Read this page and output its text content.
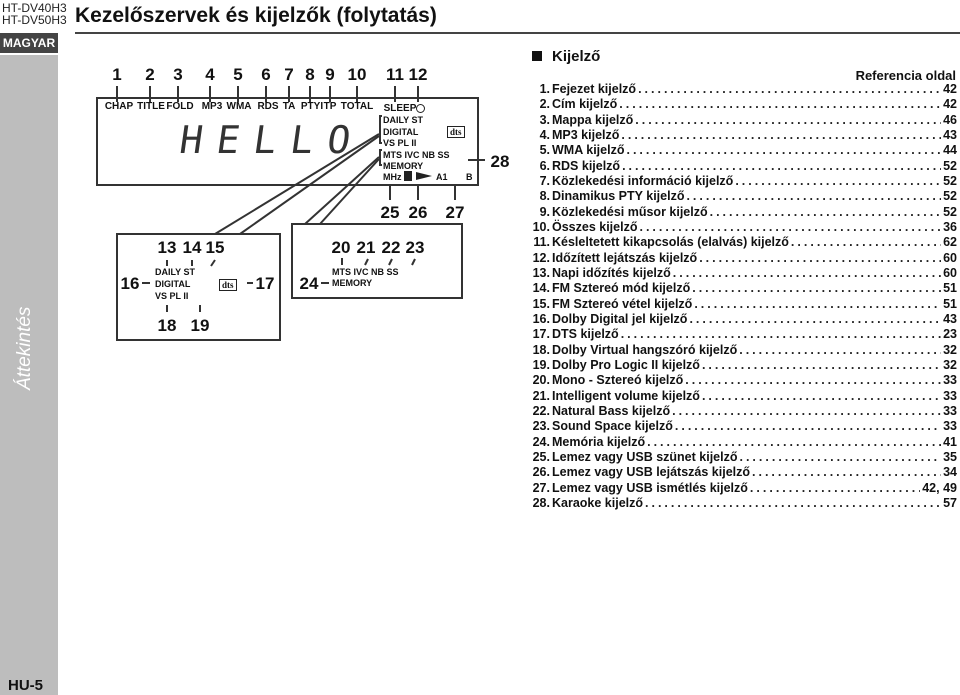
HT-DV40H3
HT-DV50H3 Kezelőszervek és kijelzők (folytatás)
MAGYAR
Áttekintés
HU-5
1 2 3 4 5 6 7 8 9 10 11 12
CHAP TITLE FOLD MP3 WMA RDS TA PTYI TP TOTAL SLEEP
HELLO DAILY ST
DIGITAL
VS PL II
MTS IVC NB SS
MEMORY
MHz	A1 B
dts
28
25 26 27
13 14 15
16	17
18 19
DAILY ST
DIGITAL
VS PL II
dts
20 21 22 23
24
MTS IVC NB SS
MEMORY
Kijelző
Referencia oldal
1. Fejezet kijelző .....	42
2. Cím kijelző .....	42
3. Mappa kijelző .....	46
4. MP3 kijelző .....	43
5. WMA kijelző .....	44
6. RDS kijelző .....	52
7. Közlekedési információ kijelző .....	52
8. Dinamikus PTY kijelző .....	52
9. Közlekedési műsor kijelző .....	52
10. Összes kijelző .....	36
11. Késleltetett kikapcsolás (elalvás) kijelző .....	62
12. Időzített lejátszás kijelző .....	60
13. Napi időzítés kijelző .....	60
14. FM Sztereó mód kijelző .....	51
15. FM Sztereó vétel kijelző .....	51
16. Dolby Digital jel kijelző .....	43
17. DTS kijelző .....	23
18. Dolby Virtual hangszóró kijelző .....	32
19. Dolby Pro Logic II kijelző .....	32
20. Mono - Sztereó kijelző .....	33
21. Intelligent volume kijelző .....	33
22. Natural Bass kijelző .....	33
23. Sound Space kijelző .....	33
24. Memória kijelző .....	41
25. Lemez vagy USB szünet kijelző .....	35
26. Lemez vagy USB lejátszás kijelző .....	34
27. Lemez vagy USB ismétlés kijelző .....	42, 49
28. Karaoke kijelző .....	57
